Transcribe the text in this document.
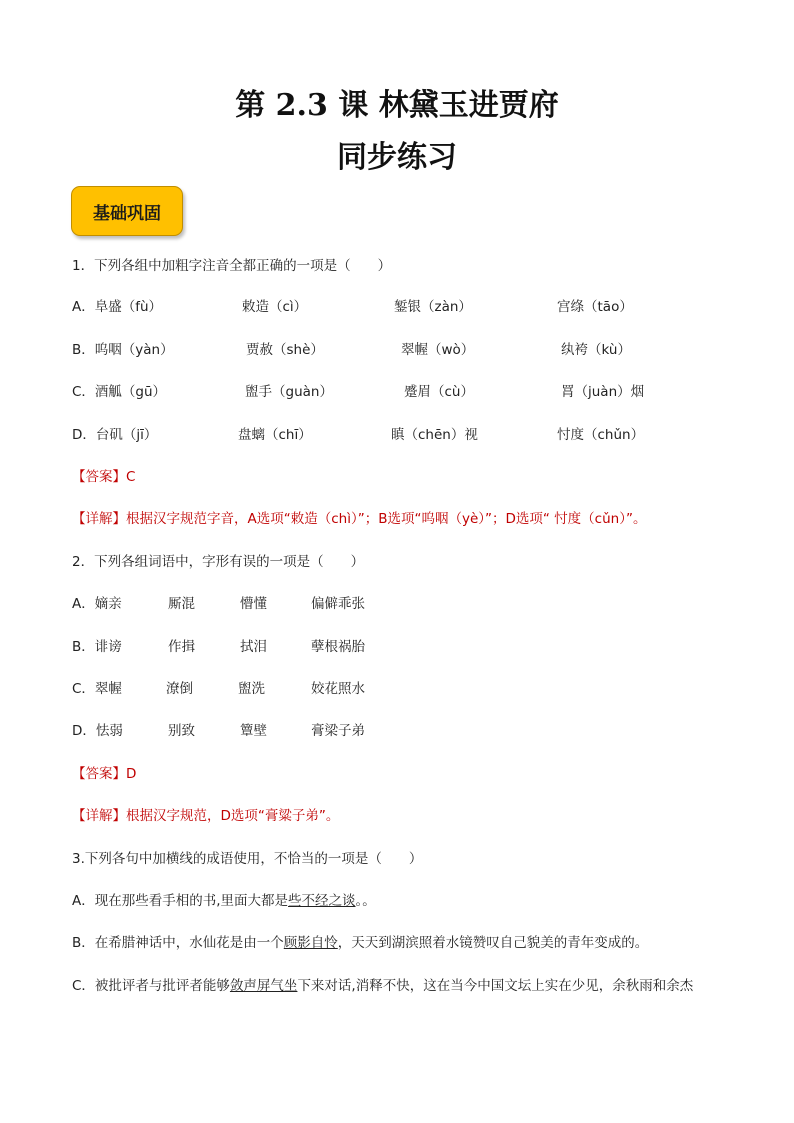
第 2.3 课 林黛玉进贾府
同步练习
基础巩固
1．下列各组中加粗字注音全都正确的一项是（　　）
A．阜盛（fù）	敕造（cì）	錾银（zàn）	宫绦（tāo）
B．呜咽（yàn）	贾赦（shè）	翠幄（wò）	纨袴（kù）
C．酒觚（gū）	盥手（guàn）	蹙眉（cù）	罥（juàn）烟
D．台矶（jī）	盘螭（chī）	瞋（chēn）视	忖度（chǔn）
【答案】C
【详解】根据汉字规范字音，A选项“敕造（chì）”；B选项“呜咽（yè）”；D选项“ 忖度（cǔn）”。
2．下列各组词语中，字形有误的一项是（　　）
A．嫡亲	厮混	懵懂	偏僻乖张
B．诽谤	作揖	拭泪	孽根祸胎
C．翠幄	潦倒	盥洗	姣花照水
D．怯弱	别致	簟壁	膏梁子弟
【答案】D
【详解】根据汉字规范，D选项“膏粱子弟”。
3.下列各句中加横线的成语使用，不恰当的一项是（　　）
A．现在那些看手相的书,里面大都是些不经之谈。。
B．在希腊神话中，水仙花是由一个顾影自怜，天天到湖滨照着水镜赞叹自己貌美的青年变成的。
C．被批评者与批评者能够敛声屏气坐下来对话,消释不快，这在当今中国文坛上实在少见，余秋雨和余杰
